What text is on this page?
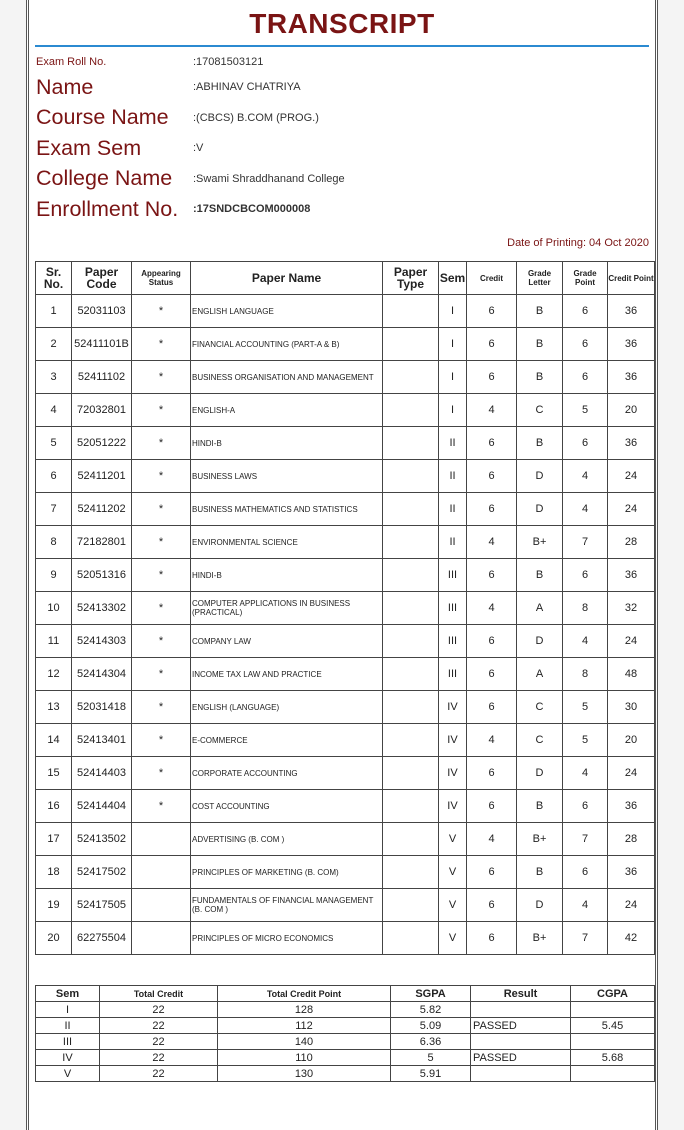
TRANSCRIPT
Exam Roll No.	:17081503121
Name	:ABHINAV CHATRIYA
Course Name	:(CBCS) B.COM (PROG.)
Exam Sem	:V
College Name	:Swami Shraddhanand College
Enrollment No.	:17SNDCBCOM000008
Date of Printing: 04 Oct 2020
Sr. No.	Paper Code	Appearing Status	Paper Name	Paper Type	Sem	Credit	Grade Letter	Grade Point	Credit Point
1	52031103	*	ENGLISH LANGUAGE		I	6	B	6	36
2	52411101B	*	FINANCIAL ACCOUNTING (PART-A & B)		I	6	B	6	36
3	52411102	*	BUSINESS ORGANISATION AND MANAGEMENT		I	6	B	6	36
4	72032801	*	ENGLISH-A		I	4	C	5	20
5	52051222	*	HINDI-B		II	6	B	6	36
6	52411201	*	BUSINESS LAWS		II	6	D	4	24
7	52411202	*	BUSINESS MATHEMATICS AND STATISTICS		II	6	D	4	24
8	72182801	*	ENVIRONMENTAL SCIENCE		II	4	B+	7	28
9	52051316	*	HINDI-B		III	6	B	6	36
10	52413302	*	COMPUTER APPLICATIONS IN BUSINESS (PRACTICAL)		III	4	A	8	32
11	52414303	*	COMPANY LAW		III	6	D	4	24
12	52414304	*	INCOME TAX LAW AND PRACTICE		III	6	A	8	48
13	52031418	*	ENGLISH (LANGUAGE)		IV	6	C	5	30
14	52413401	*	E-COMMERCE		IV	4	C	5	20
15	52414403	*	CORPORATE ACCOUNTING		IV	6	D	4	24
16	52414404	*	COST ACCOUNTING		IV	6	B	6	36
17	52413502		ADVERTISING (B. COM )		V	4	B+	7	28
18	52417502		PRINCIPLES OF MARKETING (B. COM)		V	6	B	6	36
19	52417505		FUNDAMENTALS OF FINANCIAL MANAGEMENT (B. COM )		V	6	D	4	24
20	62275504		PRINCIPLES OF MICRO ECONOMICS		V	6	B+	7	42
Sem	Total Credit	Total Credit Point	SGPA	Result	CGPA
I	22	128	5.82		
II	22	112	5.09	PASSED	5.45
III	22	140	6.36		
IV	22	110	5	PASSED	5.68
V	22	130	5.91		
